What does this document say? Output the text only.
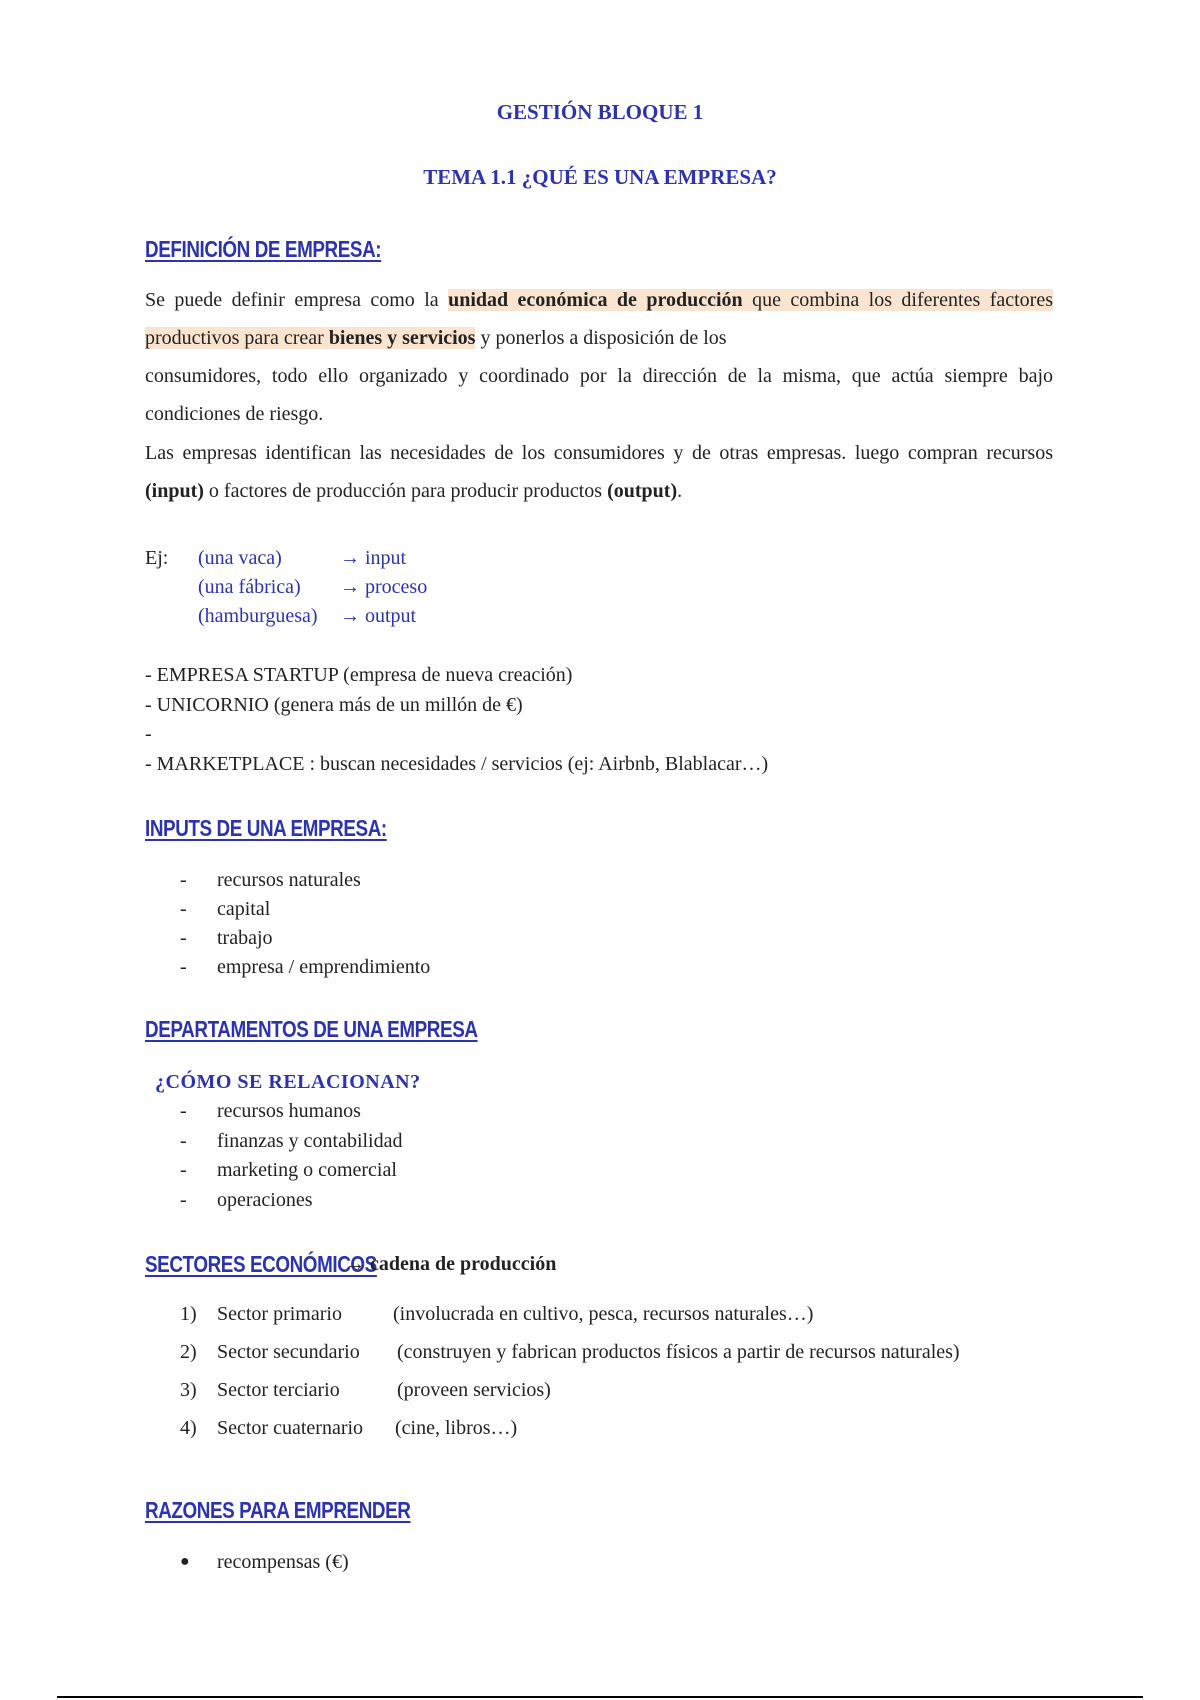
GESTIÓN BLOQUE 1
TEMA 1.1 ¿QUÉ ES UNA EMPRESA?
DEFINICIÓN DE EMPRESA:
Se puede definir empresa como la unidad económica de producción que combina los diferentes factores productivos para crear bienes y servicios y ponerlos a disposición de los
consumidores, todo ello organizado y coordinado por la dirección de la misma, que actúa siempre bajo condiciones de riesgo.
Las empresas identifican las necesidades de los consumidores y de otras empresas. luego compran recursos (input) o factores de producción para producir productos (output).
Ej: (una vaca)	→ input
(una fábrica) → proceso
(hamburguesa) → output
- EMPRESA STARTUP (empresa de nueva creación)
- UNICORNIO (genera más de un millón de €)
-
- MARKETPLACE : buscan necesidades / servicios (ej: Airbnb, Blablacar…)
INPUTS DE UNA EMPRESA:
- recursos naturales
- capital
- trabajo
- empresa / emprendimiento
DEPARTAMENTOS DE UNA EMPRESA
¿CÓMO SE RELACIONAN?
- recursos humanos
- finanzas y contabilidad
- marketing o comercial
- operaciones
SECTORES ECONÓMICOS
→ cadena de producción
1) Sector primario	(involucrada en cultivo, pesca, recursos naturales…)
2) Sector secundario (construyen y fabrican productos físicos a partir de recursos naturales)
3) Sector terciario	(proveen servicios)
4) Sector cuaternario (cine, libros…)
RAZONES PARA EMPRENDER
● recompensas (€)
